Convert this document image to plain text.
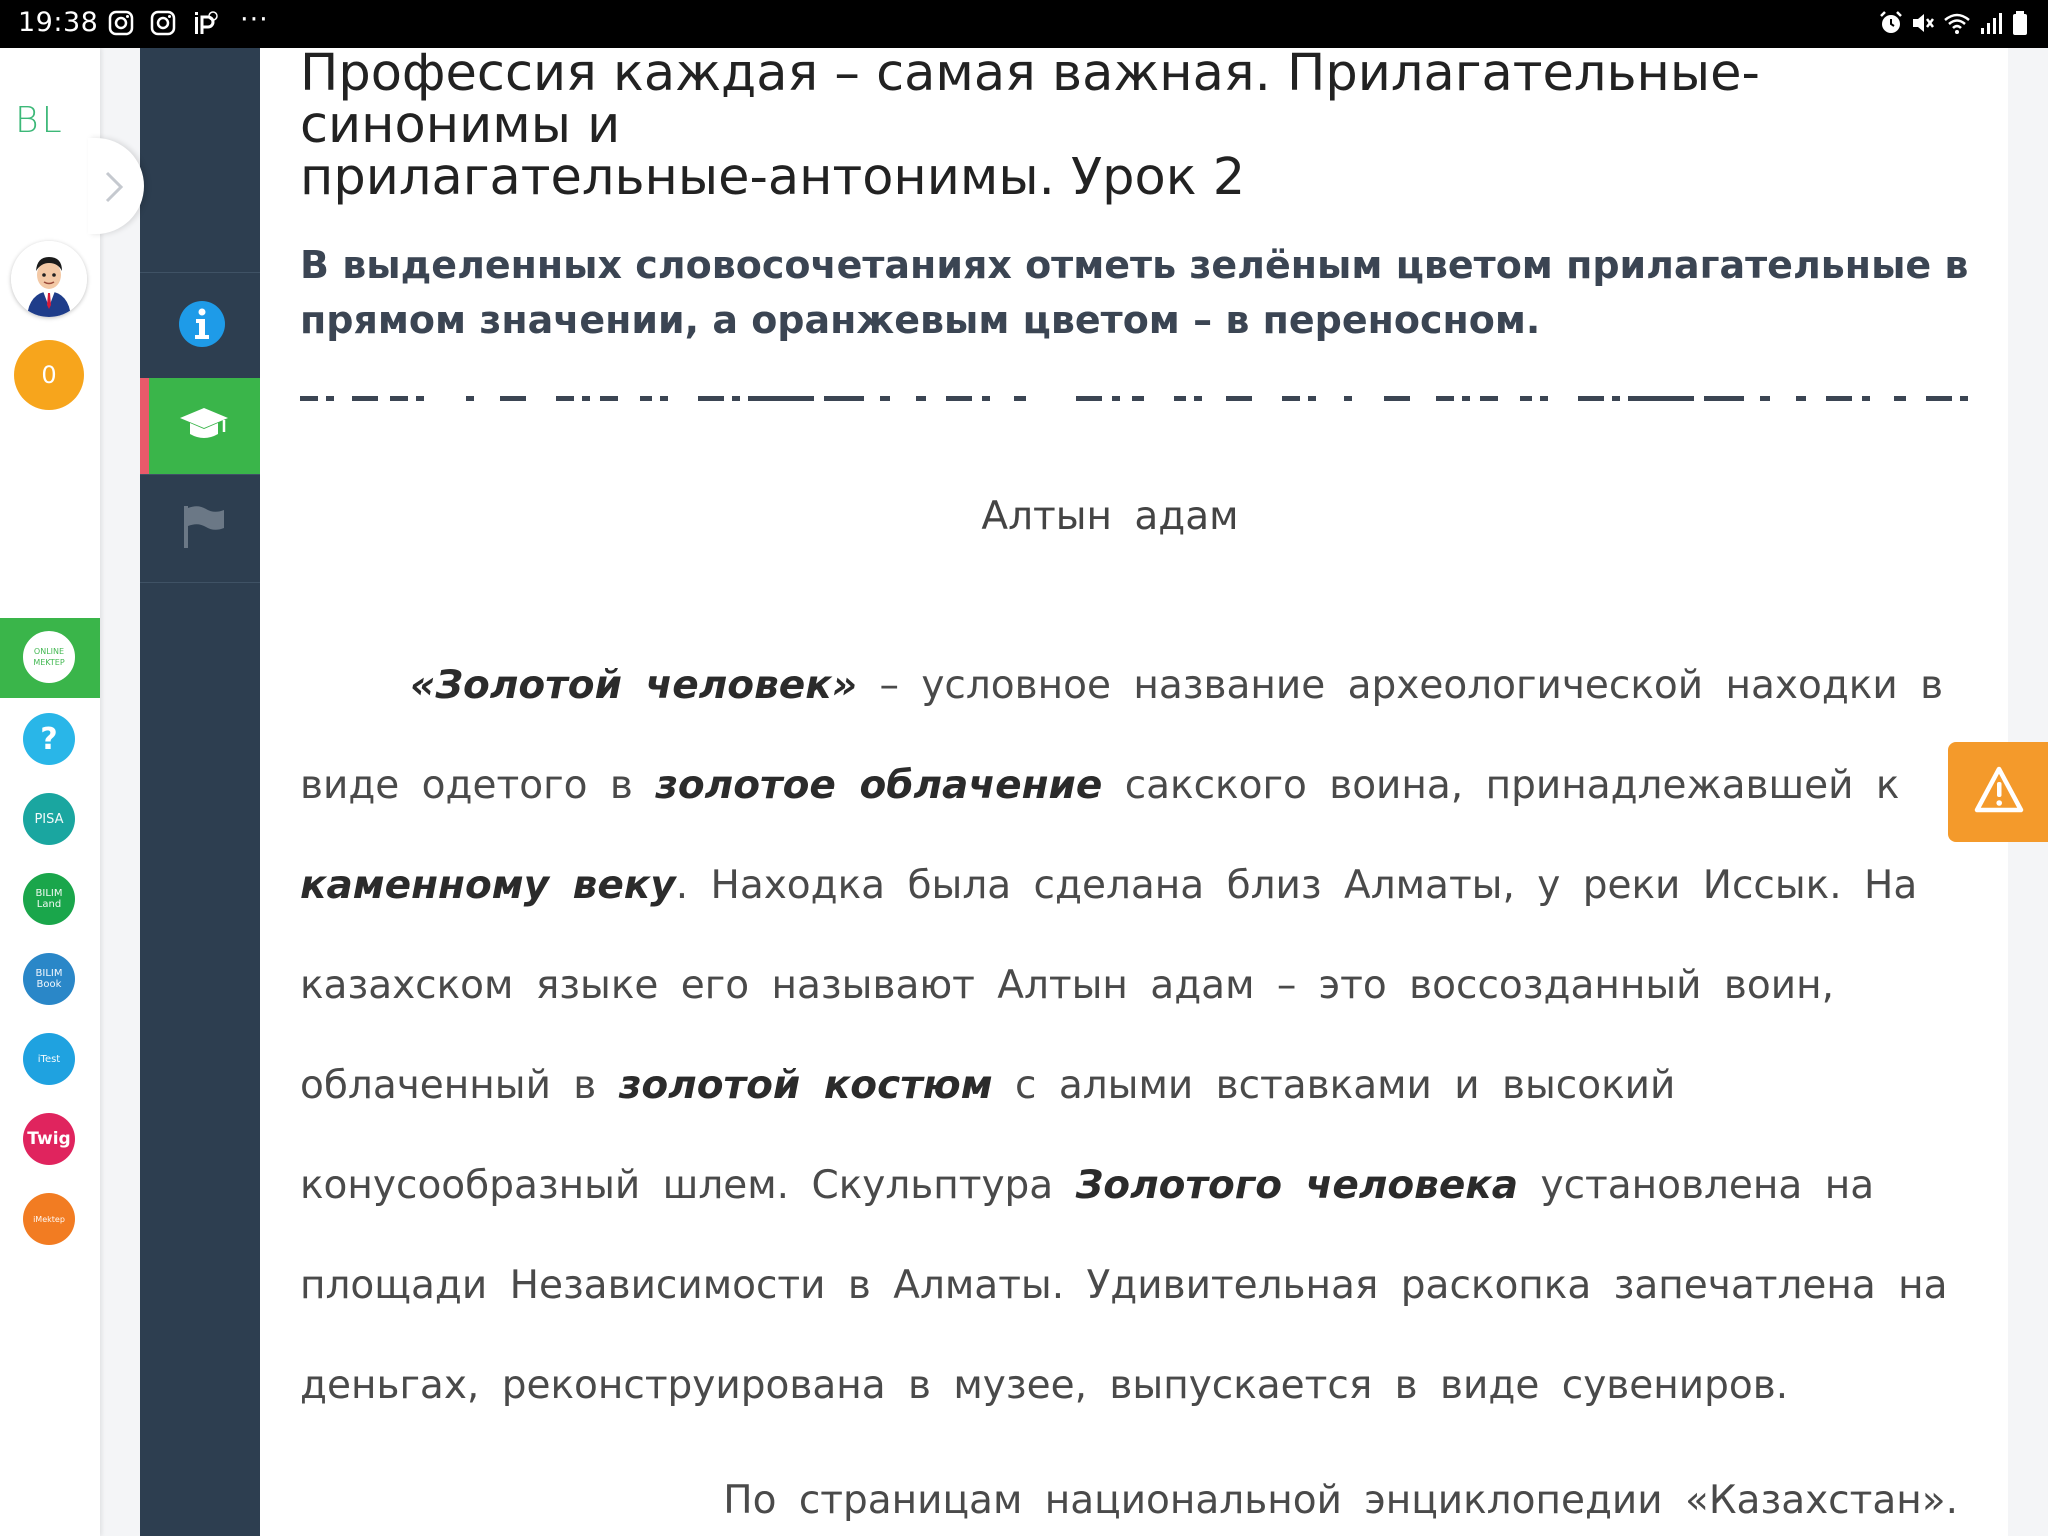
19:38	···
BL
0
ONLINE MEKTEP
?
PISA
BILIM Land
BILIM Book
iTest
Twig
iMektep
Профессия каждая – самая важная. Прилагательные-синонимы и
прилагательные-антонимы. Урок 2

В выделенных словосочетаниях отметь зелёным цветом прилагательные в
прямом значении, а оранжевым цветом – в переносном.

Алтын адам
«Золотой человек» – условное название археологической находки в
виде одетого в золотое облачение сакского воина, принадлежавшей к
каменному веку. Находка была сделана близ Алматы, у реки Иссык. На
казахском языке его называют Алтын адам – это воссозданный воин,
облаченный в золотой костюм с алыми вставками и высокий
конусообразный шлем. Скульптура Золотого человека установлена на
площади Независимости в Алматы. Удивительная раскопка запечатлена на
деньгах, реконструирована в музее, выпускается в виде сувениров.
По страницам национальной энциклопедии «Казахстан».
